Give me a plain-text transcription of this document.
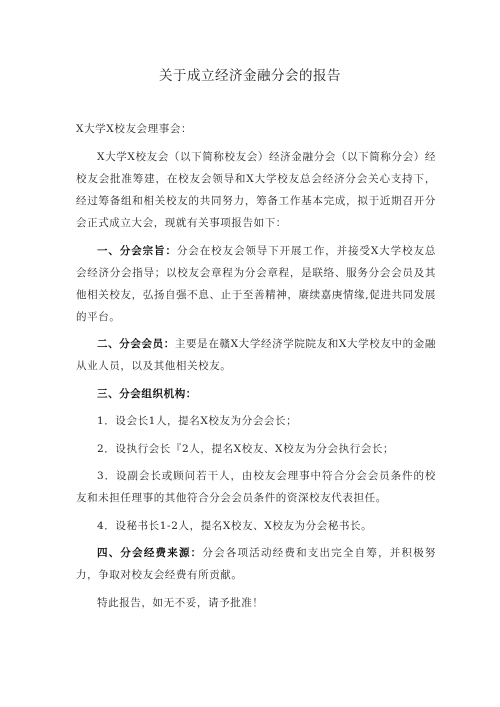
关于成立经济金融分会的报告

X大学X校友会理事会：

X大学X校友会（以下简称校友会）经济金融分会（以下简称分会）经校友会批准筹建，在校友会领导和X大学校友总会经济分会关心支持下，经过筹备组和相关校友的共同努力，筹备工作基本完成，拟于近期召开分会正式成立大会，现就有关事项报告如下：

一、分会宗旨：分会在校友会领导下开展工作，并接受X大学校友总会经济分会指导；以校友会章程为分会章程，是联络、服务分会会员及其他相关校友，弘扬自强不息、止于至善精神，赓续嘉庚情缘,促进共同发展的平台。

二、分会会员：主要是在赣X大学经济学院院友和X大学校友中的金融从业人员，以及其他相关校友。

三、分会组织机构：

1．设会长1人，提名X校友为分会会长；

2．设执行会长『2人，提名X校友、X校友为分会执行会长；

3．设副会长或顾问若干人，由校友会理事中符合分会会员条件的校友和未担任理事的其他符合分会会员条件的资深校友代表担任。

4．设秘书长1-2人，提名X校友、X校友为分会秘书长。

四、分会经费来源：分会各项活动经费和支出完全自筹，并积极努力，争取对校友会经费有所贡献。

特此报告，如无不妥，请予批准！
